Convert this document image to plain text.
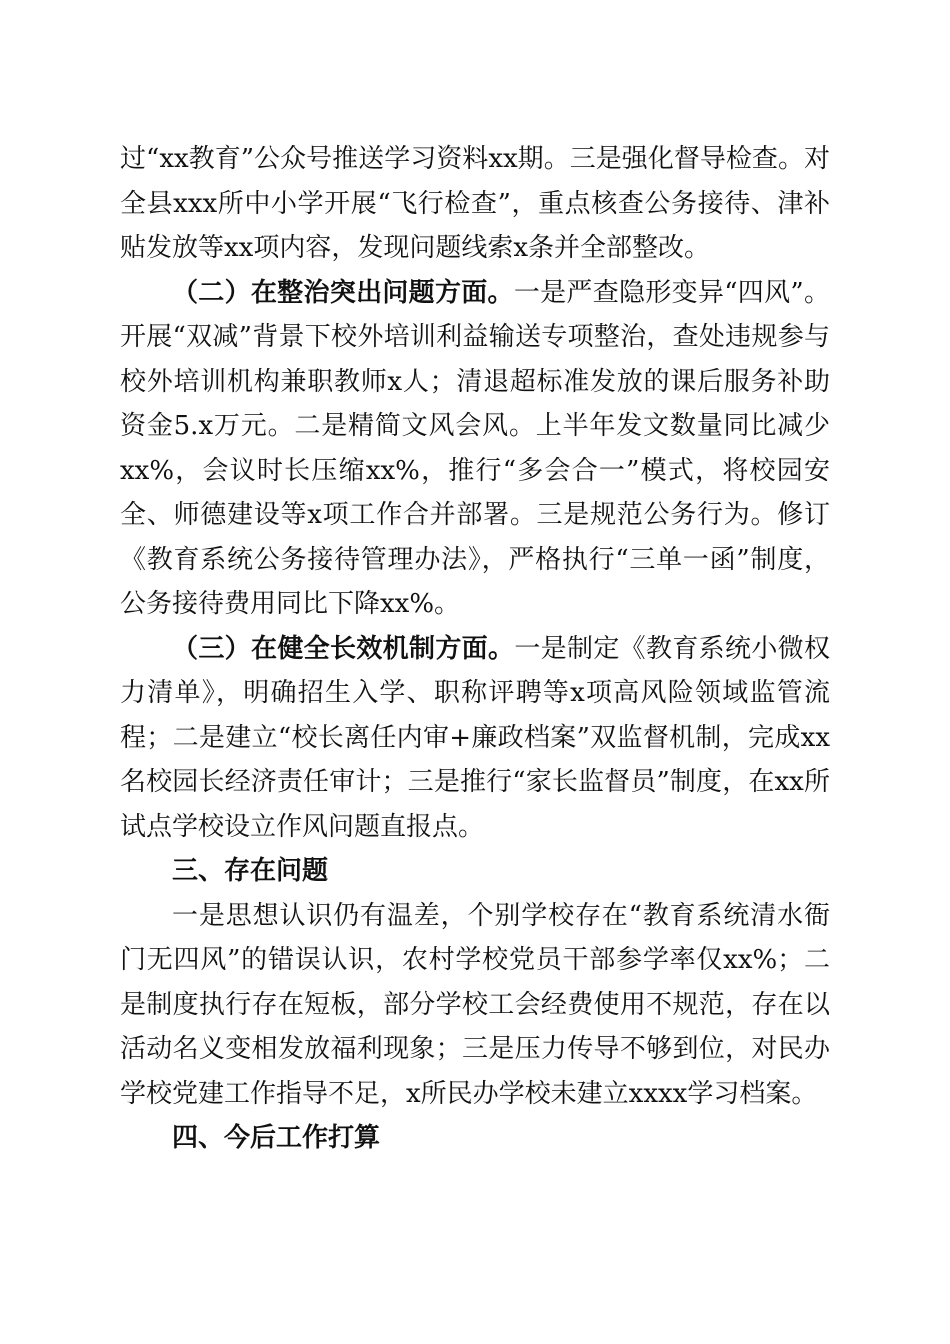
过“xx教育”公众号推送学习资料xx期。三是强化督导检查。对全县xxx所中小学开展“飞行检查”，重点核查公务接待、津补贴发放等xx项内容，发现问题线索x条并全部整改。

（二）在整治突出问题方面。一是严查隐形变异“四风”。开展“双减”背景下校外培训利益输送专项整治，查处违规参与校外培训机构兼职教师x人；清退超标准发放的课后服务补助资金5.x万元。二是精简文风会风。上半年发文数量同比减少xx%，会议时长压缩xx%，推行“多会合一”模式，将校园安全、师德建设等x项工作合并部署。三是规范公务行为。修订《教育系统公务接待管理办法》，严格执行“三单一函”制度，公务接待费用同比下降xx%。

（三）在健全长效机制方面。一是制定《教育系统小微权力清单》，明确招生入学、职称评聘等x项高风险领域监管流程；二是建立“校长离任内审+廉政档案”双监督机制，完成xx名校园长经济责任审计；三是推行“家长监督员”制度，在xx所试点学校设立作风问题直报点。

三、存在问题

一是思想认识仍有温差，个别学校存在“教育系统清水衙门无四风”的错误认识，农村学校党员干部参学率仅xx%；二是制度执行存在短板，部分学校工会经费使用不规范，存在以活动名义变相发放福利现象；三是压力传导不够到位，对民办学校党建工作指导不足，x所民办学校未建立xxxx学习档案。

四、今后工作打算
